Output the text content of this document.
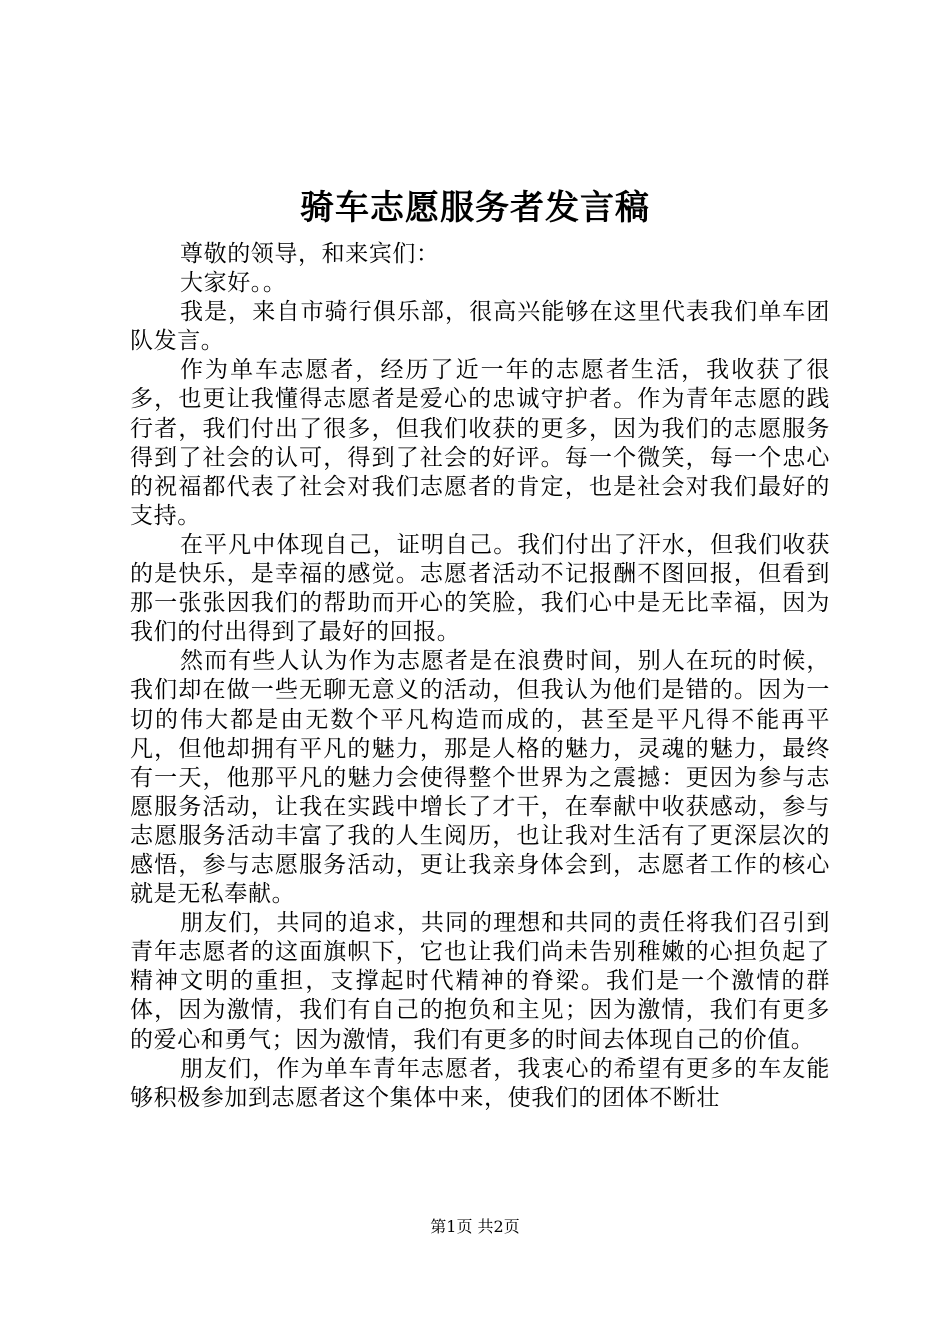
骑车志愿服务者发言稿

尊敬的领导，和来宾们：

大家好。。

我是，来自市骑行俱乐部，很高兴能够在这里代表我们单车团队发言。

作为单车志愿者，经历了近一年的志愿者生活，我收获了很多，也更让我懂得志愿者是爱心的忠诚守护者。作为青年志愿的践行者，我们付出了很多，但我们收获的更多，因为我们的志愿服务得到了社会的认可，得到了社会的好评。每一个微笑，每一个忠心的祝福都代表了社会对我们志愿者的肯定，也是社会对我们最好的支持。

在平凡中体现自己，证明自己。我们付出了汗水，但我们收获的是快乐，是幸福的感觉。志愿者活动不记报酬不图回报，但看到那一张张因我们的帮助而开心的笑脸，我们心中是无比幸福，因为我们的付出得到了最好的回报。

然而有些人认为作为志愿者是在浪费时间，别人在玩的时候，我们却在做一些无聊无意义的活动，但我认为他们是错的。因为一切的伟大都是由无数个平凡构造而成的，甚至是平凡得不能再平凡，但他却拥有平凡的魅力，那是人格的魅力，灵魂的魅力，最终有一天，他那平凡的魅力会使得整个世界为之震撼：更因为参与志愿服务活动，让我在实践中增长了才干，在奉献中收获感动，参与志愿服务活动丰富了我的人生阅历，也让我对生活有了更深层次的感悟，参与志愿服务活动，更让我亲身体会到，志愿者工作的核心就是无私奉献。

朋友们，共同的追求，共同的理想和共同的责任将我们召引到青年志愿者的这面旗帜下，它也让我们尚未告别稚嫩的心担负起了精神文明的重担，支撑起时代精神的脊梁。我们是一个激情的群体，因为激情，我们有自己的抱负和主见；因为激情，我们有更多的爱心和勇气；因为激情，我们有更多的时间去体现自己的价值。

朋友们，作为单车青年志愿者，我衷心的希望有更多的车友能够积极参加到志愿者这个集体中来，使我们的团体不断壮

第1页 共2页
